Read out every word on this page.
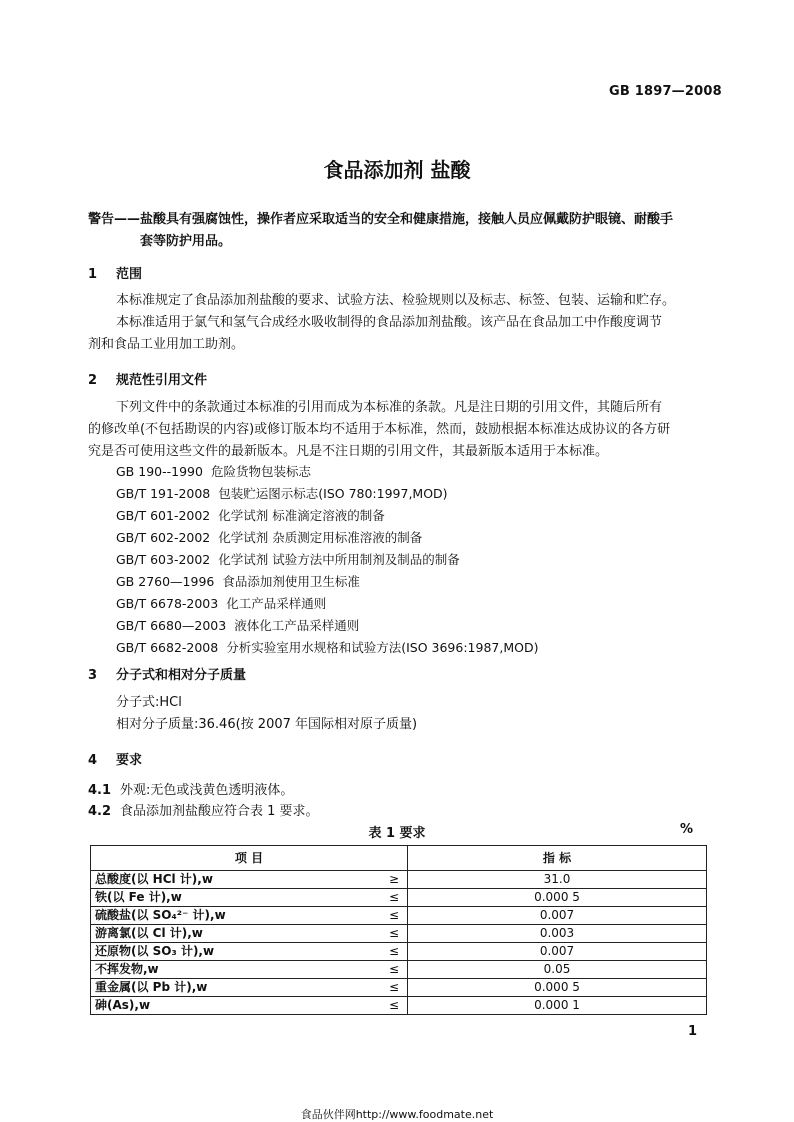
GB 1897—2008
食品添加剂 盐酸
警告——盐酸具有强腐蚀性，操作者应采取适当的安全和健康措施，接触人员应佩戴防护眼镜、耐酸手
套等防护用品。
1 范围
本标准规定了食品添加剂盐酸的要求、试验方法、检验规则以及标志、标签、包装、运输和贮存。
本标准适用于氯气和氢气合成经水吸收制得的食品添加剂盐酸。该产品在食品加工中作酸度调节
剂和食品工业用加工助剂。
2 规范性引用文件
下列文件中的条款通过本标准的引用而成为本标准的条款。凡是注日期的引用文件，其随后所有
的修改单(不包括勘误的内容)或修订版本均不适用于本标准，然而，鼓励根据本标准达成协议的各方研
究是否可使用这些文件的最新版本。凡是不注日期的引用文件，其最新版本适用于本标准。
GB 190--1990 危险货物包装标志
GB/T 191-2008 包装贮运图示标志(ISO 780:1997,MOD)
GB/T 601-2002 化学试剂 标准滴定溶液的制备
GB/T 602-2002 化学试剂 杂质测定用标准溶液的制备
GB/T 603-2002 化学试剂 试验方法中所用制剂及制品的制备
GB 2760—1996 食品添加剂使用卫生标准
GB/T 6678-2003 化工产品采样通则
GB/T 6680—2003 液体化工产品采样通则
GB/T 6682-2008 分析实验室用水规格和试验方法(ISO 3696:1987,MOD)
3 分子式和相对分子质量
分子式:HCl
相对分子质量:36.46(按 2007 年国际相对原子质量)
4 要求
4.1 外观:无色或浅黄色透明液体。
4.2 食品添加剂盐酸应符合表 1 要求。
表 1 要求	%
项 目		指 标
总酸度(以 HCl 计),w	≥	31.0
铁(以 Fe 计),w	≤	0.000 5
硫酸盐(以 SO₄²⁻ 计),w	≤	0.007
游离氯(以 Cl 计),w	≤	0.003
还原物(以 SO₃ 计),w	≤	0.007
不挥发物,w	≤	0.05
重金属(以 Pb 计),w	≤	0.000 5
砷(As),w	≤	0.000 1
1
食品伙伴网http://www.foodmate.net
